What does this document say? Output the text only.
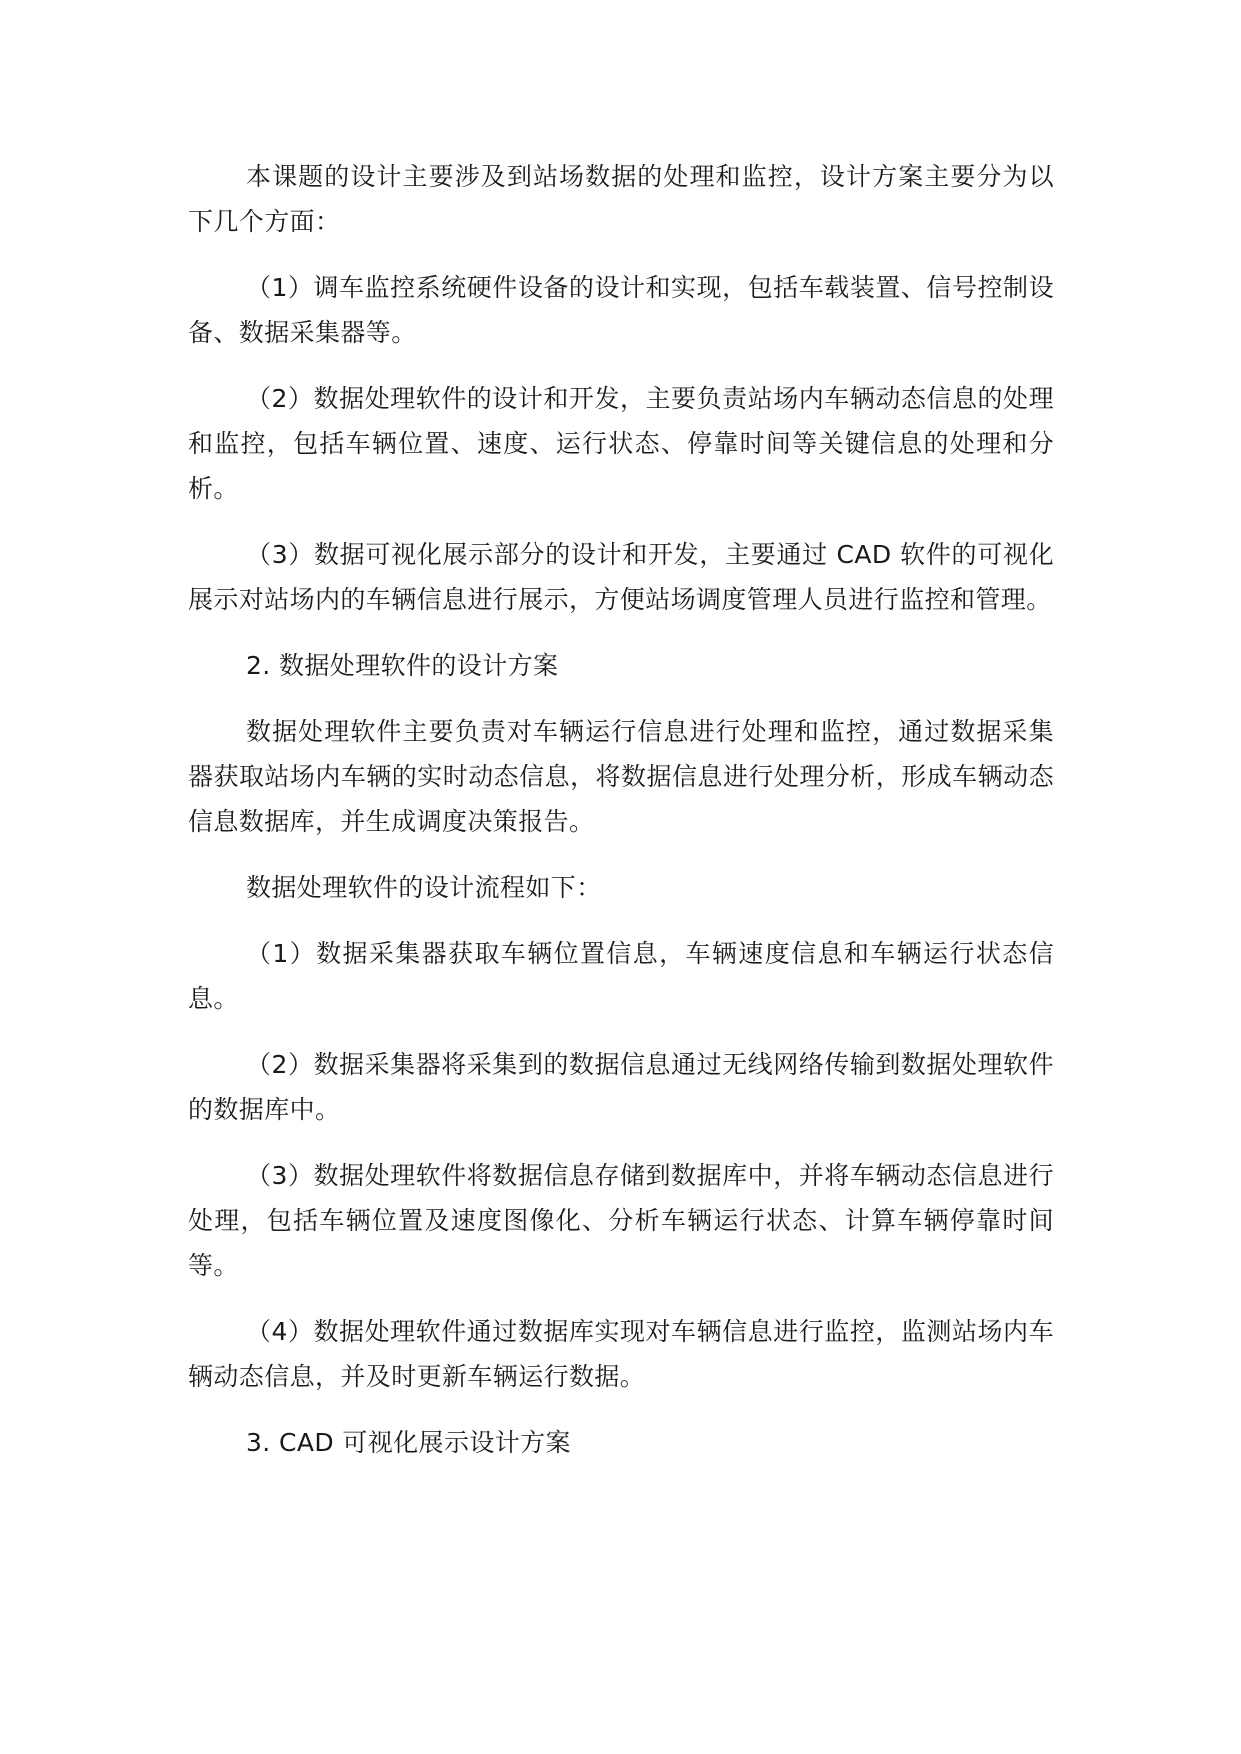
本课题的设计主要涉及到站场数据的处理和监控，设计方案主要分为以下几个方面：

（1）调车监控系统硬件设备的设计和实现，包括车载装置、信号控制设备、数据采集器等。

（2）数据处理软件的设计和开发，主要负责站场内车辆动态信息的处理和监控，包括车辆位置、速度、运行状态、停靠时间等关键信息的处理和分析。

（3）数据可视化展示部分的设计和开发，主要通过 CAD 软件的可视化展示对站场内的车辆信息进行展示，方便站场调度管理人员进行监控和管理。

2. 数据处理软件的设计方案

数据处理软件主要负责对车辆运行信息进行处理和监控，通过数据采集器获取站场内车辆的实时动态信息，将数据信息进行处理分析，形成车辆动态信息数据库，并生成调度决策报告。

数据处理软件的设计流程如下：

（1）数据采集器获取车辆位置信息，车辆速度信息和车辆运行状态信息。

（2）数据采集器将采集到的数据信息通过无线网络传输到数据处理软件的数据库中。

（3）数据处理软件将数据信息存储到数据库中，并将车辆动态信息进行处理，包括车辆位置及速度图像化、分析车辆运行状态、计算车辆停靠时间等。

（4）数据处理软件通过数据库实现对车辆信息进行监控，监测站场内车辆动态信息，并及时更新车辆运行数据。

3. CAD 可视化展示设计方案
